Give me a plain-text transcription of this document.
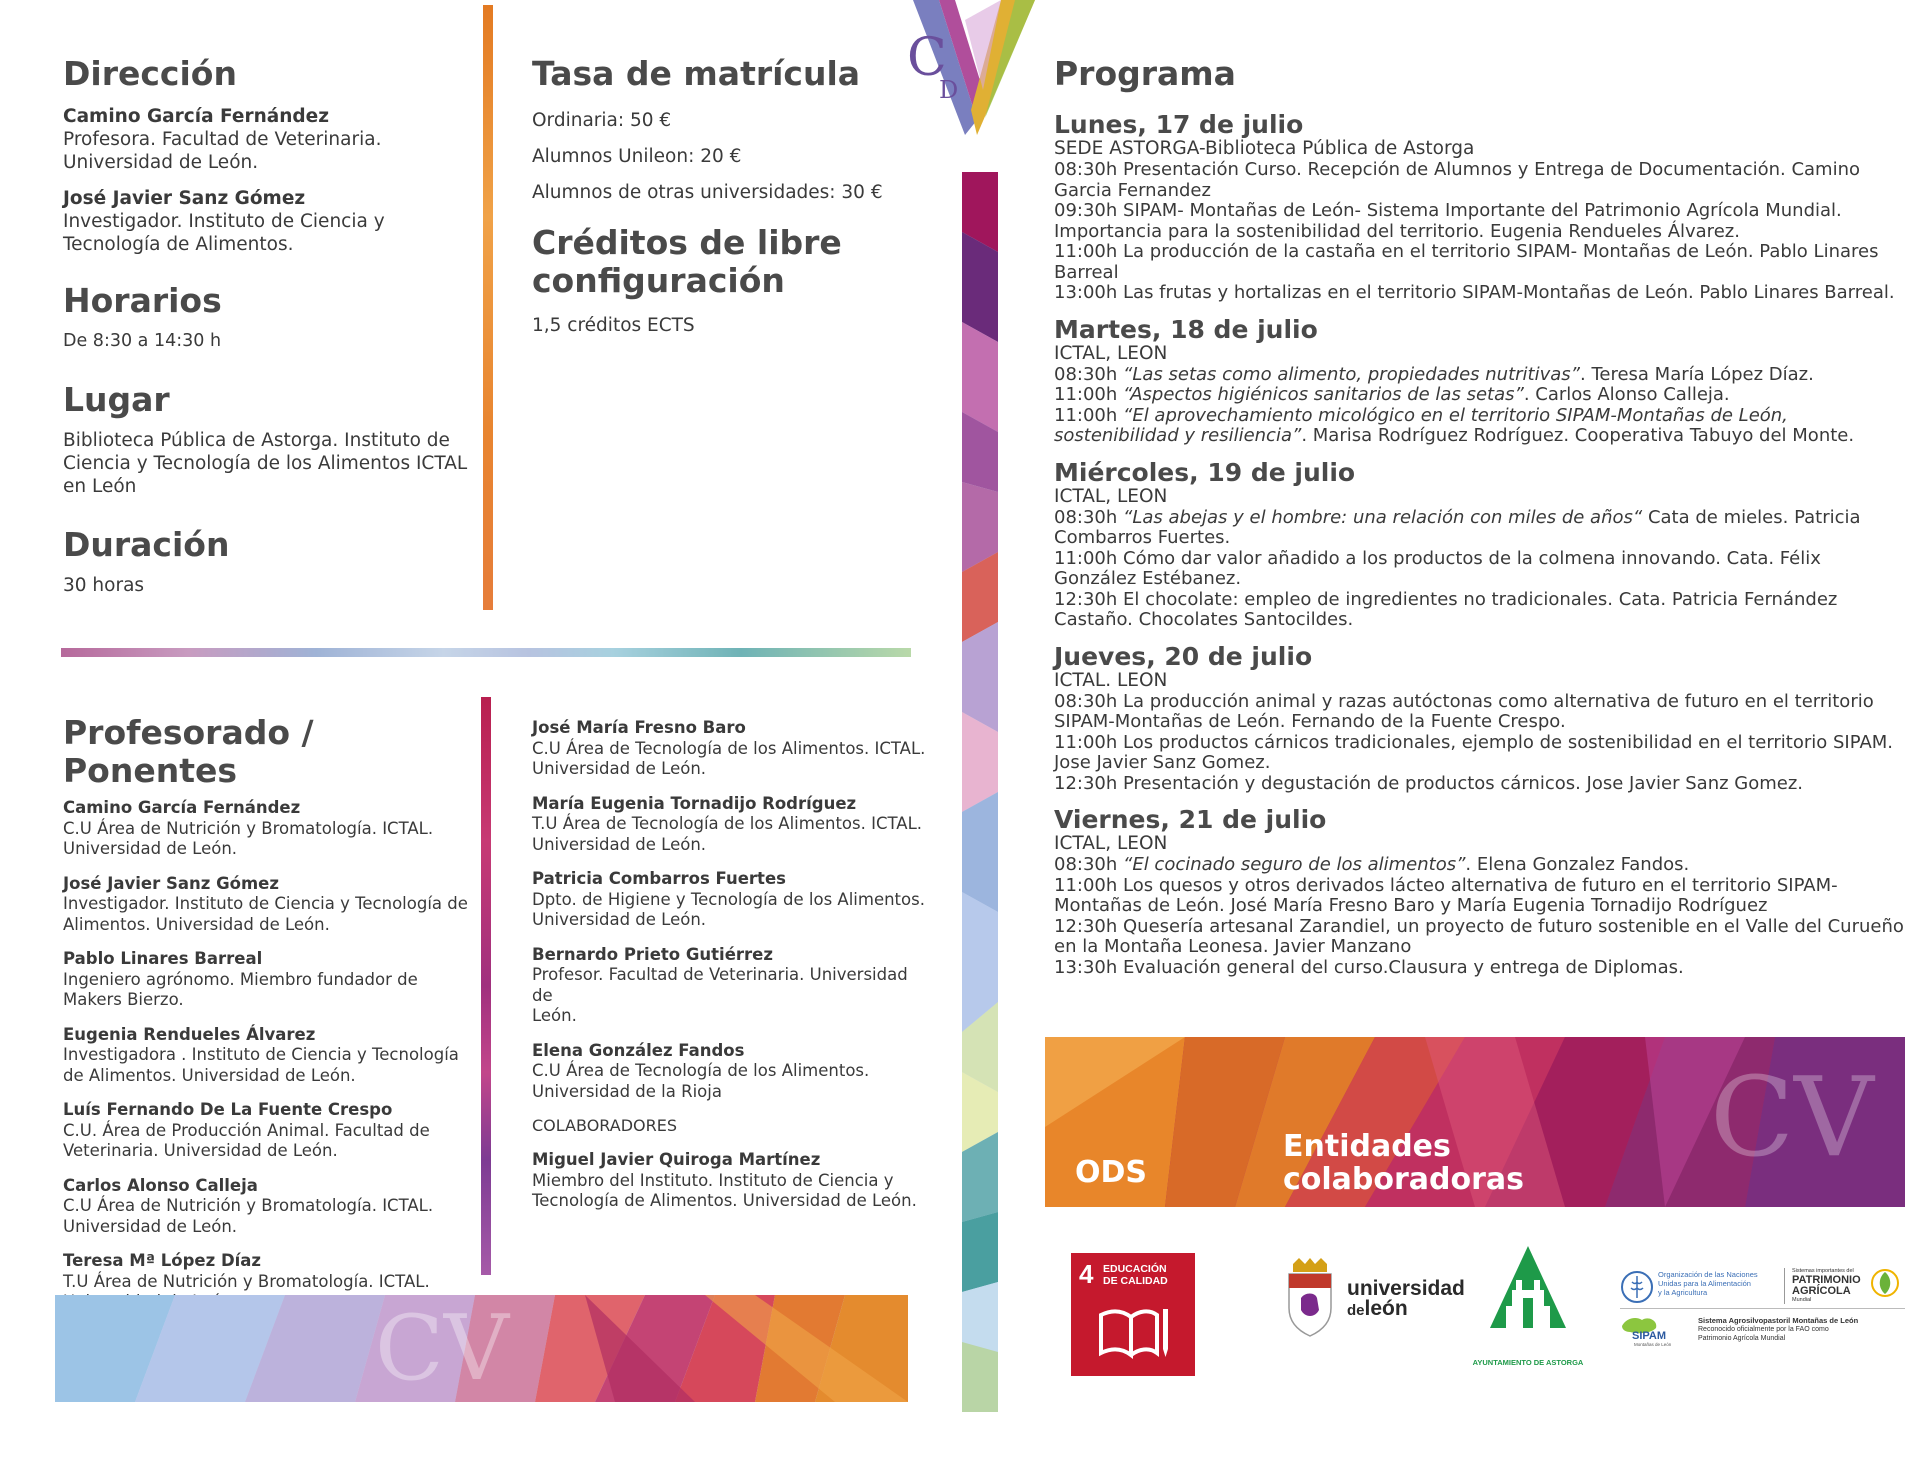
Dirección
Camino García Fernández
Profesora. Facultad de Veterinaria.
Universidad de León.
José Javier Sanz Gómez
Investigador. Instituto de Ciencia y
Tecnología de Alimentos.
Horarios
De 8:30 a 14:30 h
Lugar
Biblioteca Pública de Astorga. Instituto de
Ciencia y Tecnología de los Alimentos ICTAL
en León
Duración
30 horas
Tasa de matrícula
Ordinaria: 50 €
Alumnos Unileon: 20 €
Alumnos de otras universidades: 30 €
Créditos de libre
configuración
1,5 créditos ECTS
Profesorado / Ponentes
Camino García Fernández
C.U Área de Nutrición y Bromatología. ICTAL.
Universidad de León.
José Javier Sanz Gómez
Investigador. Instituto de Ciencia y Tecnología de
Alimentos. Universidad de León.
Pablo Linares Barreal
Ingeniero agrónomo. Miembro fundador de
Makers Bierzo.
Eugenia Rendueles Álvarez
Investigadora . Instituto de Ciencia y Tecnología
de Alimentos. Universidad de León.
Luís Fernando De La Fuente Crespo
C.U. Área de Producción Animal. Facultad de
Veterinaria. Universidad de León.
Carlos Alonso Calleja
C.U Área de Nutrición y Bromatología. ICTAL.
Universidad de León.
Teresa Mª López Díaz
T.U Área de Nutrición y Bromatología. ICTAL.
José María Fresno Baro
C.U Área de Tecnología de los Alimentos. ICTAL.
Universidad de León.
María Eugenia Tornadijo Rodríguez
T.U Área de Tecnología de los Alimentos. ICTAL.
Universidad de León.
Patricia Combarros Fuertes
Dpto. de Higiene y Tecnología de los Alimentos.
Universidad de León.
Bernardo Prieto Gutiérrez
Profesor. Facultad de Veterinaria. Universidad de
León.
Elena González Fandos
C.U Área de Tecnología de los Alimentos.
Universidad de la Rioja
COLABORADORES
Miguel Javier Quiroga Martínez
Miembro del Instituto. Instituto de Ciencia y
Tecnología de Alimentos. Universidad de León.
CV
C
D	Programa
Lunes, 17 de julio
SEDE ASTORGA-Biblioteca Pública de Astorga
08:30h Presentación Curso. Recepción de Alumnos y Entrega de Documentación. Camino Garcia Fernandez
09:30h SIPAM- Montañas de León- Sistema Importante del Patrimonio Agrícola Mundial. Importancia para la sostenibilidad del territorio. Eugenia Rendueles Álvarez.
11:00h La producción de la castaña en el territorio SIPAM- Montañas de León. Pablo Linares Barreal
13:00h Las frutas y hortalizas en el territorio SIPAM-Montañas de León. Pablo Linares Barreal.
Martes, 18 de julio
ICTAL, LEON
08:30h “Las setas como alimento, propiedades nutritivas”. Teresa María López Díaz.
11:00h “Aspectos higiénicos sanitarios de las setas”. Carlos Alonso Calleja.
11:00h “El aprovechamiento micológico en el territorio SIPAM-Montañas de León, sostenibilidad y resiliencia”. Marisa Rodríguez Rodríguez. Cooperativa Tabuyo del Monte.
Miércoles, 19 de julio
ICTAL, LEON
08:30h “Las abejas y el hombre: una relación con miles de años“ Cata de mieles. Patricia Combarros Fuertes.
11:00h Cómo dar valor añadido a los productos de la colmena innovando. Cata. Félix González Estébanez.
12:30h El chocolate: empleo de ingredientes no tradicionales. Cata. Patricia Fernández Castaño. Chocolates Santocildes.
Jueves, 20 de julio
ICTAL. LEON
08:30h La producción animal y razas autóctonas como alternativa de futuro en el territorio SIPAM-Montañas de León. Fernando de la Fuente Crespo.
11:00h Los productos cárnicos tradicionales, ejemplo de sostenibilidad en el territorio SIPAM. Jose Javier Sanz Gomez.
12:30h Presentación y degustación de productos cárnicos. Jose Javier Sanz Gomez.
Viernes, 21 de julio
ICTAL, LEON
08:30h “El cocinado seguro de los alimentos”. Elena Gonzalez Fandos.
11:00h Los quesos y otros derivados lácteo alternativa de futuro en el territorio SIPAM-Montañas de León. José María Fresno Baro y María Eugenia Tornadijo Rodríguez
12:30h Quesería artesanal Zarandiel, un proyecto de futuro sostenible en el Valle del Curueño en la Montaña Leonesa. Javier Manzano
13:30h Evaluación general del curso.Clausura y entrega de Diplomas.
ODS
Entidades
colaboradoras CV
4 EDUCACIÓN
DE CALIDAD	universidad
deleón
AYUNTAMIENTO DE ASTORGA
Organización de las Naciones
Unidas para la Alimentación
y la Agricultura
Sistemas importantes del
PATRIMONIO
AGRÍCOLA
Mundial
SIPAM
Montañas de León
Sistema Agrosilvopastoril Montañas de León
Reconocido oficialmente por la FAO como
Patrimonio Agrícola Mundial
